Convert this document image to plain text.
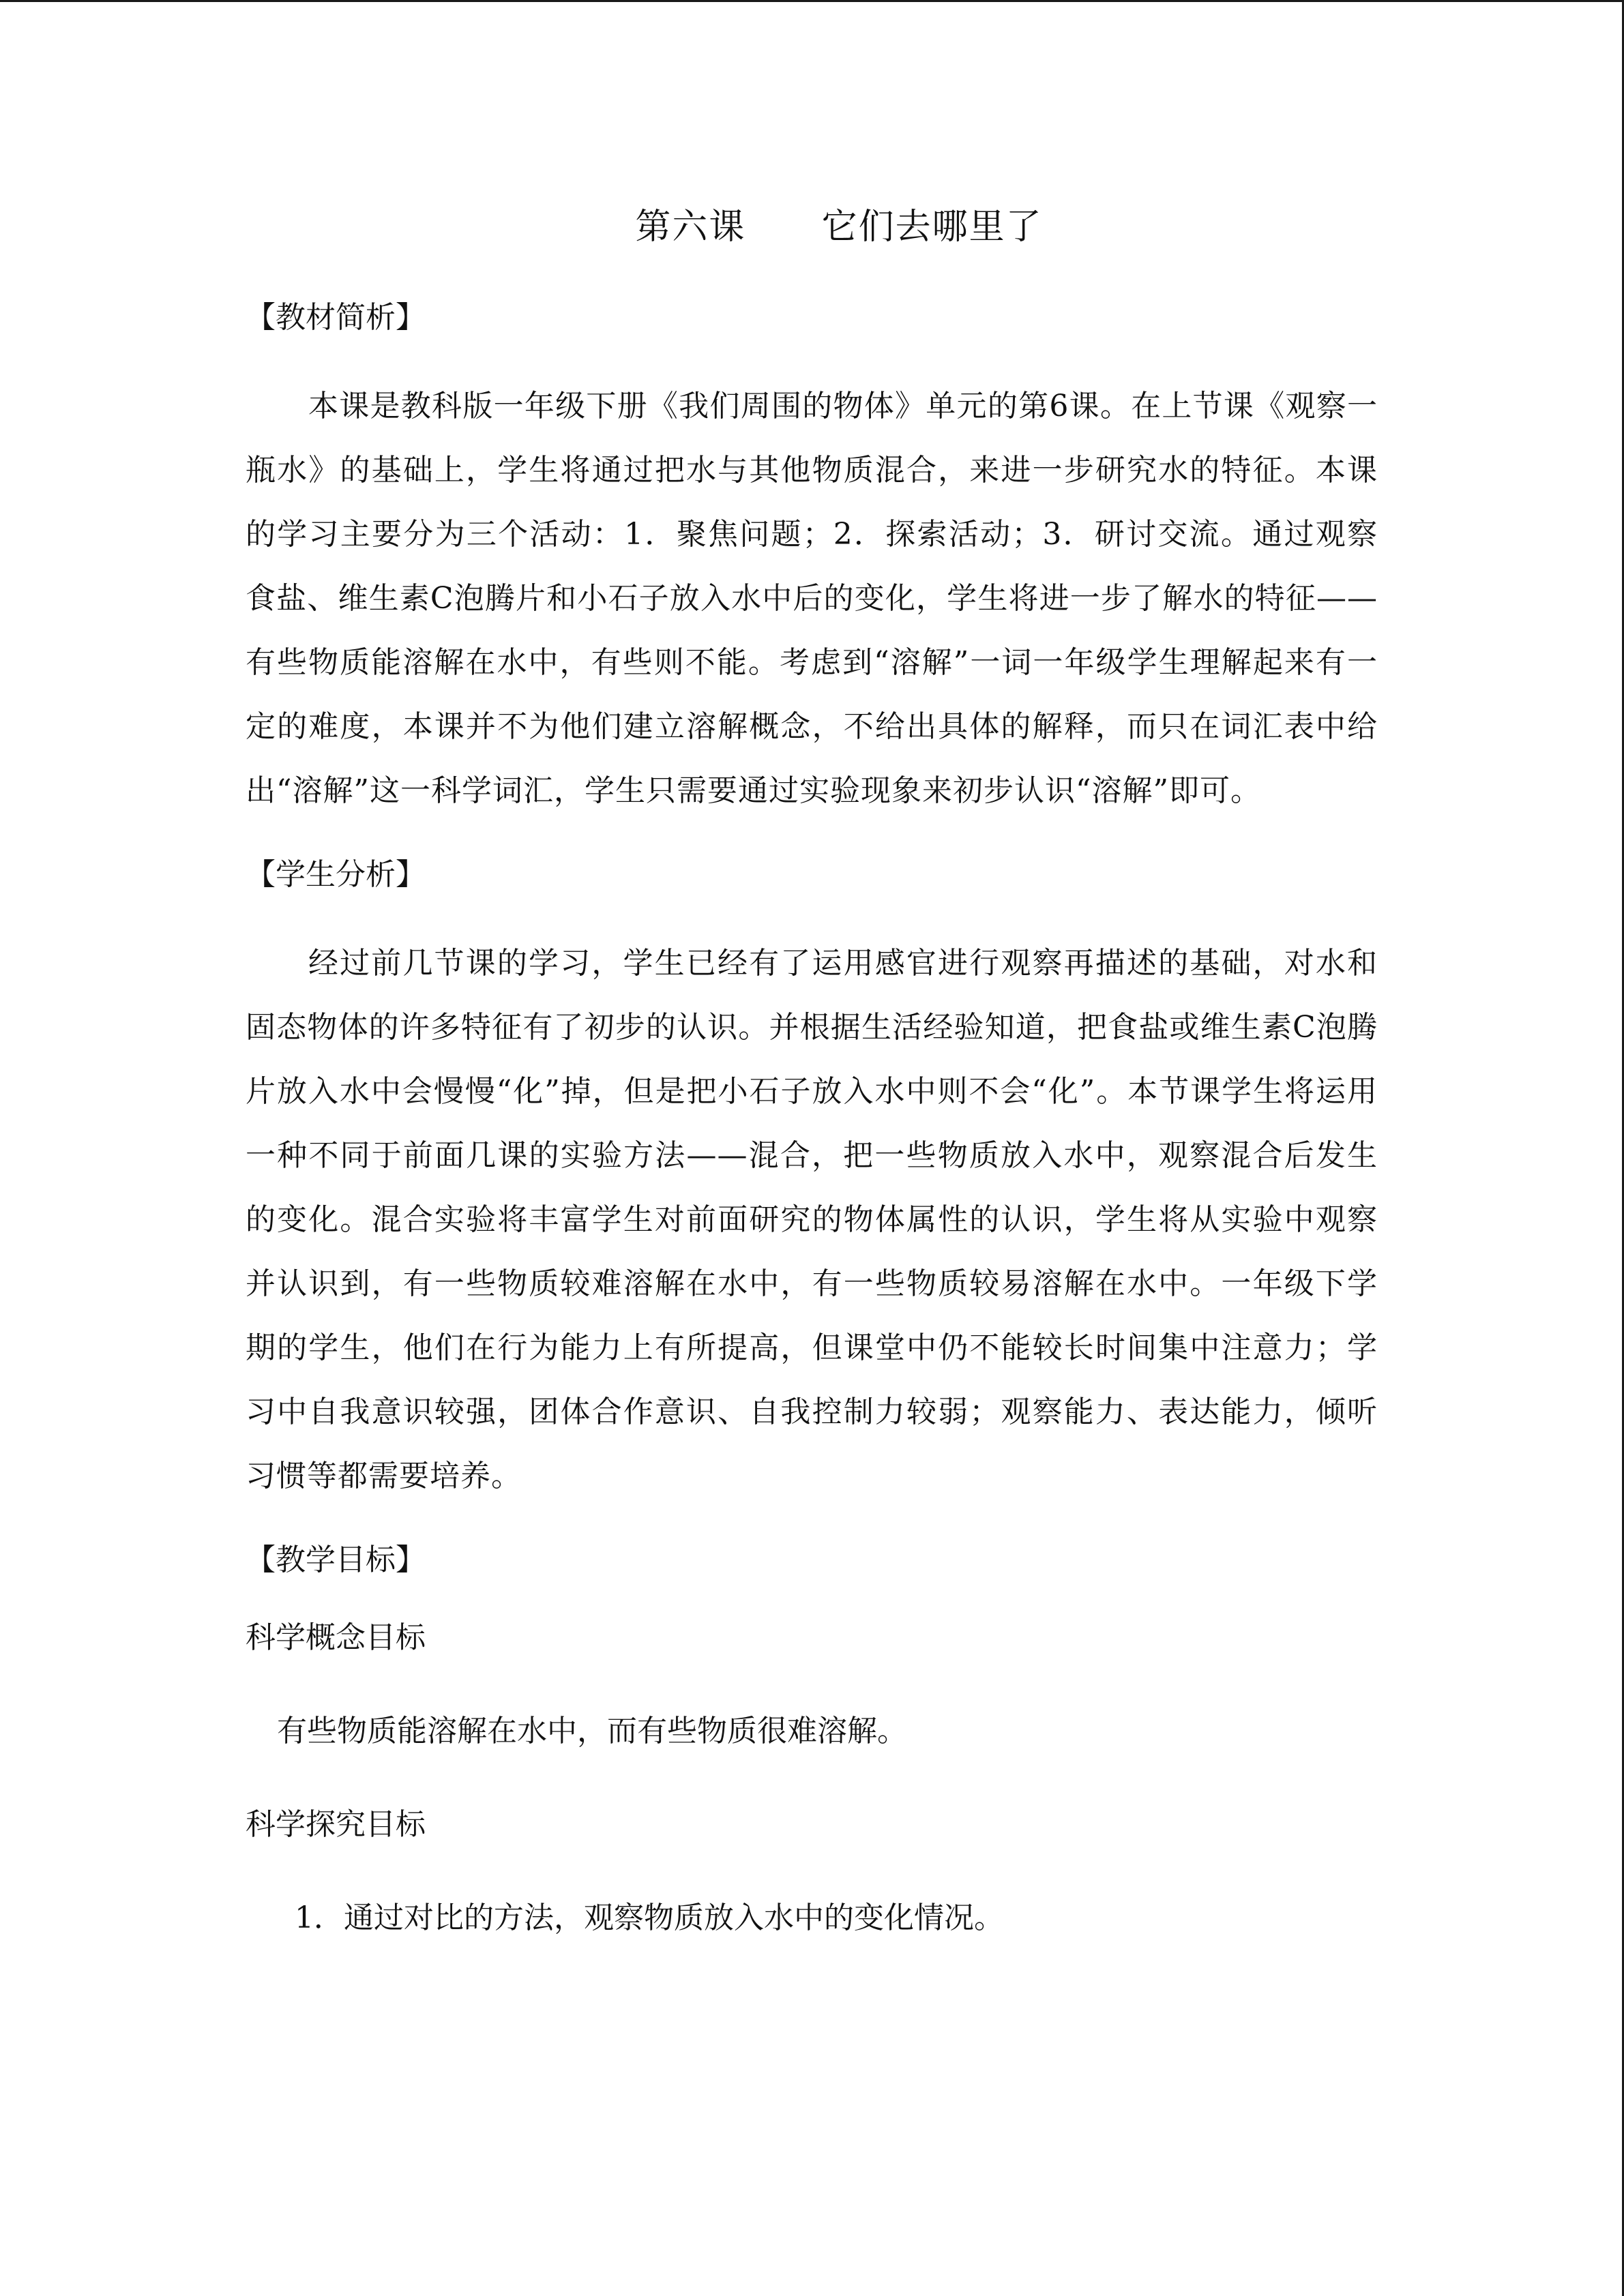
第六课      它们去哪里了
【教材简析】

本课是教科版一年级下册《我们周围的物体》单元的第6课。在上节课《观察一瓶水》的基础上，学生将通过把水与其他物质混合，来进一步研究水的特征。本课的学习主要分为三个活动：1．聚焦问题；2．探索活动；3．研讨交流。通过观察食盐、维生素C泡腾片和小石子放入水中后的变化，学生将进一步了解水的特征——有些物质能溶解在水中，有些则不能。考虑到“溶解”一词一年级学生理解起来有一定的难度，本课并不为他们建立溶解概念，不给出具体的解释，而只在词汇表中给出“溶解”这一科学词汇，学生只需要通过实验现象来初步认识“溶解”即可。

【学生分析】

经过前几节课的学习，学生已经有了运用感官进行观察再描述的基础，对水和固态物体的许多特征有了初步的认识。并根据生活经验知道，把食盐或维生素C泡腾片放入水中会慢慢“化”掉，但是把小石子放入水中则不会“化”。本节课学生将运用一种不同于前面几课的实验方法——混合，把一些物质放入水中，观察混合后发生的变化。混合实验将丰富学生对前面研究的物体属性的认识，学生将从实验中观察并认识到，有一些物质较难溶解在水中，有一些物质较易溶解在水中。一年级下学期的学生，他们在行为能力上有所提高，但课堂中仍不能较长时间集中注意力；学习中自我意识较强，团体合作意识、自我控制力较弱；观察能力、表达能力，倾听习惯等都需要培养。

【教学目标】
科学概念目标
有些物质能溶解在水中，而有些物质很难溶解。
科学探究目标
1．通过对比的方法，观察物质放入水中的变化情况。
